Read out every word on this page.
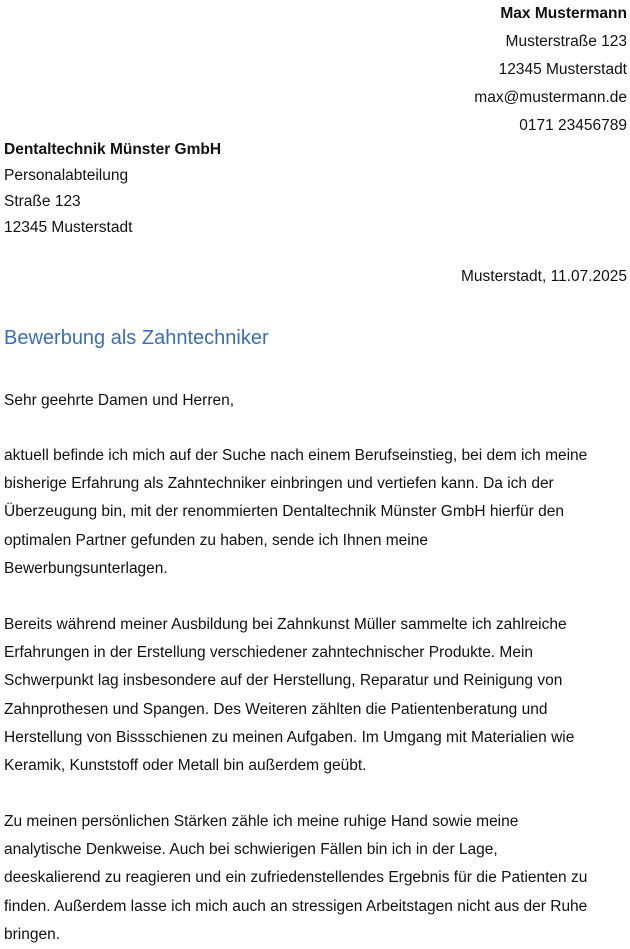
Max Mustermann
Musterstraße 123
12345 Musterstadt
max@mustermann.de
0171 23456789
Dentaltechnik Münster GmbH
Personalabteilung
Straße 123
12345 Musterstadt
Musterstadt, 11.07.2025
Bewerbung als Zahntechniker
Sehr geehrte Damen und Herren,
aktuell befinde ich mich auf der Suche nach einem Berufseinstieg, bei dem ich meine
bisherige Erfahrung als Zahntechniker einbringen und vertiefen kann. Da ich der
Überzeugung bin, mit der renommierten Dentaltechnik Münster GmbH hierfür den
optimalen Partner gefunden zu haben, sende ich Ihnen meine
Bewerbungsunterlagen.
Bereits während meiner Ausbildung bei Zahnkunst Müller sammelte ich zahlreiche
Erfahrungen in der Erstellung verschiedener zahntechnischer Produkte. Mein
Schwerpunkt lag insbesondere auf der Herstellung, Reparatur und Reinigung von
Zahnprothesen und Spangen. Des Weiteren zählten die Patientenberatung und
Herstellung von Bissschienen zu meinen Aufgaben. Im Umgang mit Materialien wie
Keramik, Kunststoff oder Metall bin außerdem geübt.
Zu meinen persönlichen Stärken zähle ich meine ruhige Hand sowie meine
analytische Denkweise. Auch bei schwierigen Fällen bin ich in der Lage,
deeskalierend zu reagieren und ein zufriedenstellendes Ergebnis für die Patienten zu
finden. Außerdem lasse ich mich auch an stressigen Arbeitstagen nicht aus der Ruhe
bringen.
